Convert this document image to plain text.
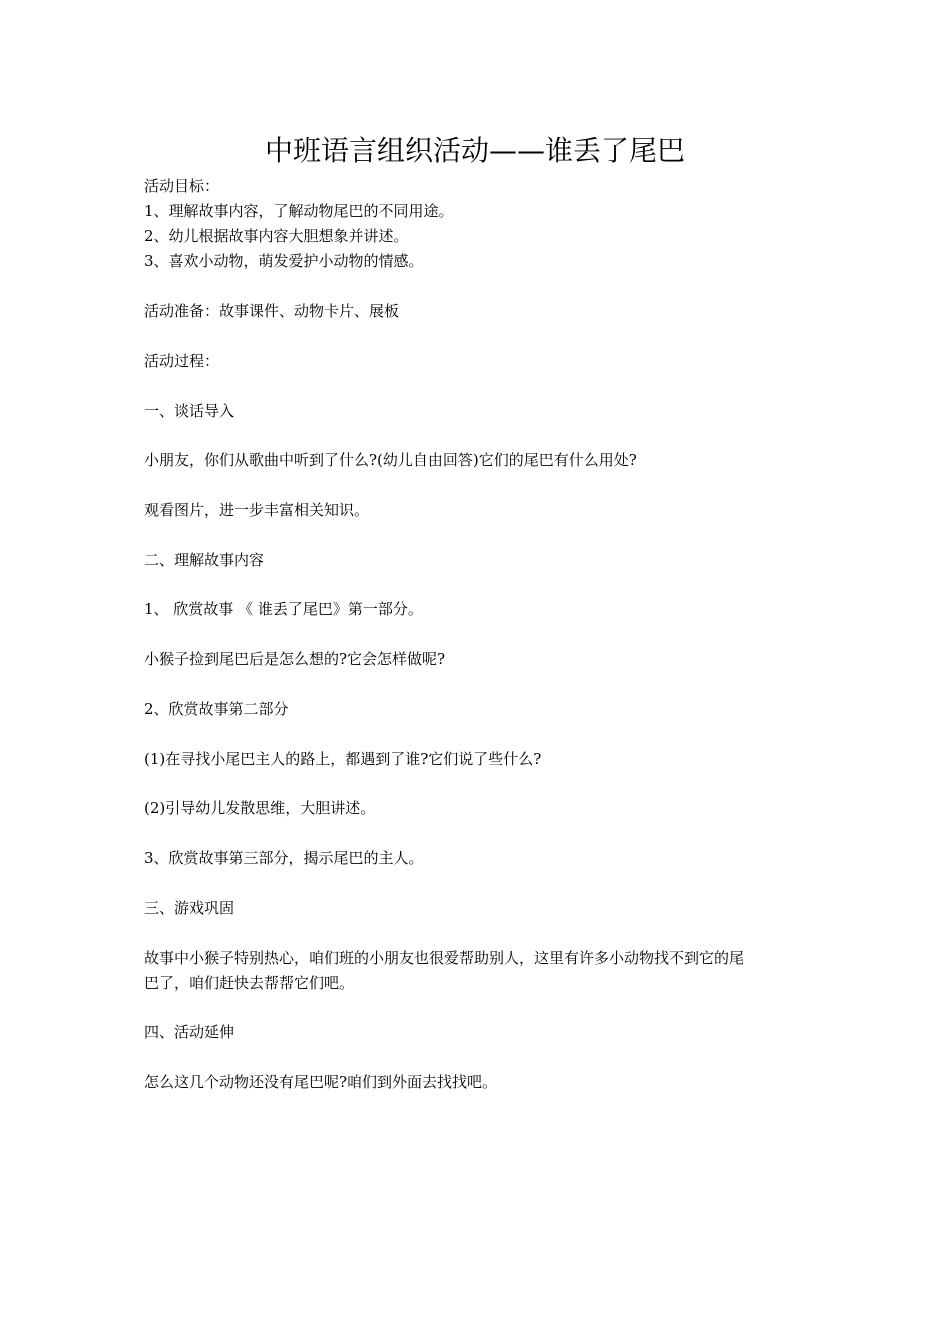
中班语言组织活动——谁丢了尾巴

活动目标：

1、理解故事内容，了解动物尾巴的不同用途。

2、幼儿根据故事内容大胆想象并讲述。

3、喜欢小动物，萌发爱护小动物的情感。

活动准备：故事课件、动物卡片、展板

活动过程：

一、谈话导入

小朋友，你们从歌曲中听到了什么?(幼儿自由回答)它们的尾巴有什么用处?

观看图片，进一步丰富相关知识。

二、理解故事内容

1、 欣赏故事 《 谁丢了尾巴》第一部分。

小猴子捡到尾巴后是怎么想的?它会怎样做呢?

2、欣赏故事第二部分

(1)在寻找小尾巴主人的路上，都遇到了谁?它们说了些什么?

(2)引导幼儿发散思维，大胆讲述。

3、欣赏故事第三部分，揭示尾巴的主人。

三、游戏巩固

故事中小猴子特别热心，咱们班的小朋友也很爱帮助别人，这里有许多小动物找不到它的尾

巴了，咱们赶快去帮帮它们吧。

四、活动延伸

怎么这几个动物还没有尾巴呢?咱们到外面去找找吧。
